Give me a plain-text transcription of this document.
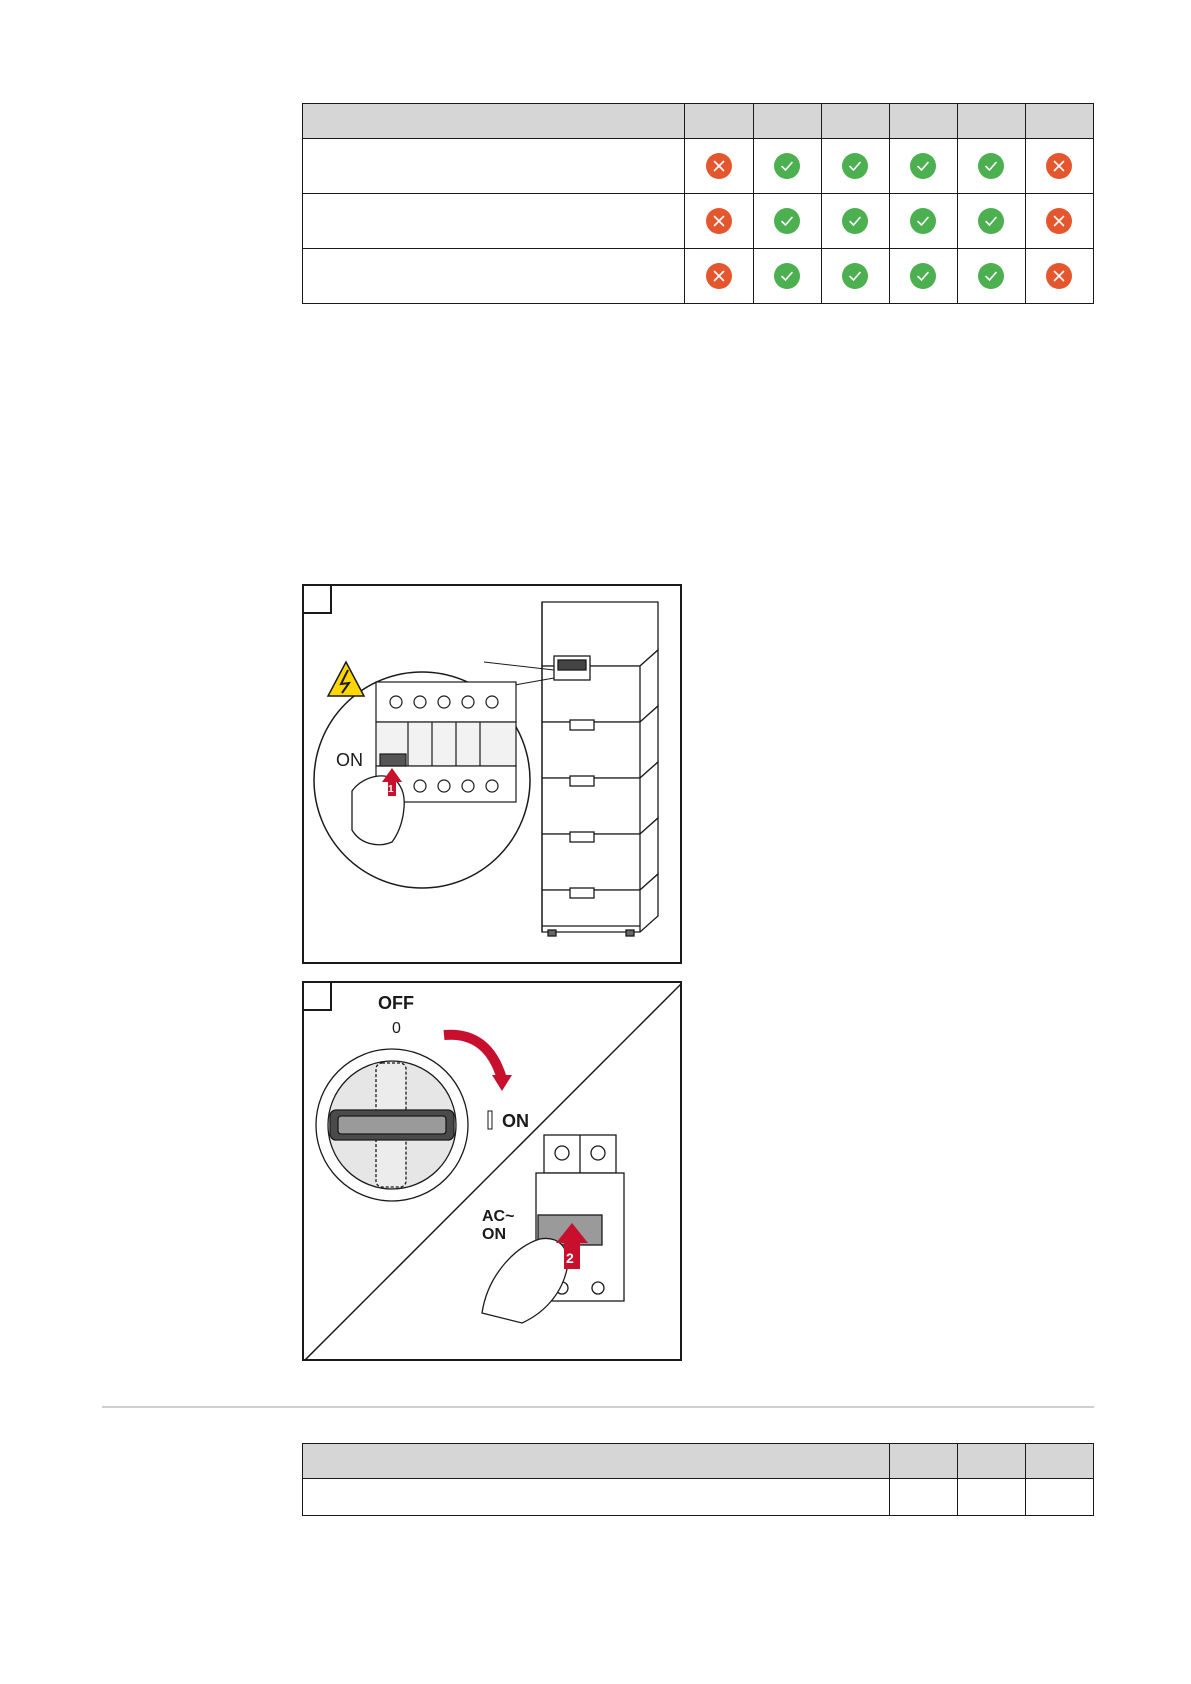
ON
1
OFF
0
ON
1
AC~
ON
2
